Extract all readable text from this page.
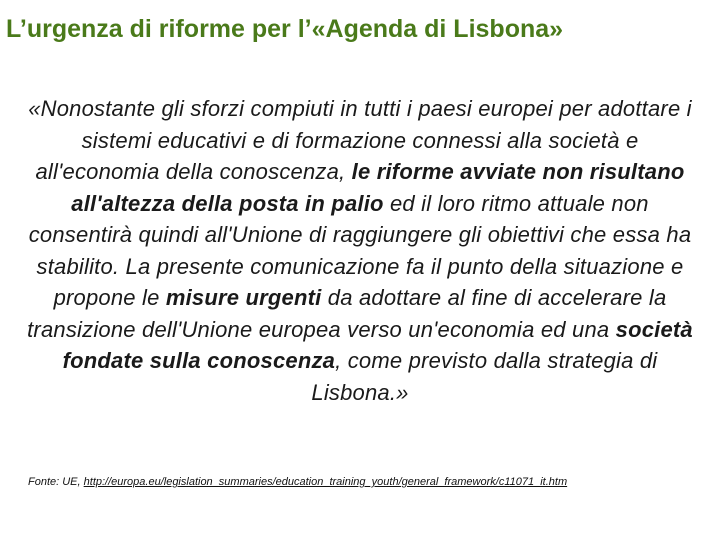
L’urgenza di riforme per l’«Agenda di Lisbona»

«Nonostante gli sforzi compiuti in tutti i paesi europei per adottare i sistemi educativi e di formazione connessi alla società e all'economia della conoscenza, le riforme avviate non risultano all'altezza della posta in palio ed il loro ritmo attuale non consentirà quindi all'Unione di raggiungere gli obiettivi che essa ha stabilito. La presente comunicazione fa il punto della situazione e propone le misure urgenti da adottare al fine di accelerare la transizione dell'Unione europea verso un'economia ed una società fondate sulla conoscenza, come previsto dalla strategia di Lisbona.»

Fonte: UE, http://europa.eu/legislation_summaries/education_training_youth/general_framework/c11071_it.htm
